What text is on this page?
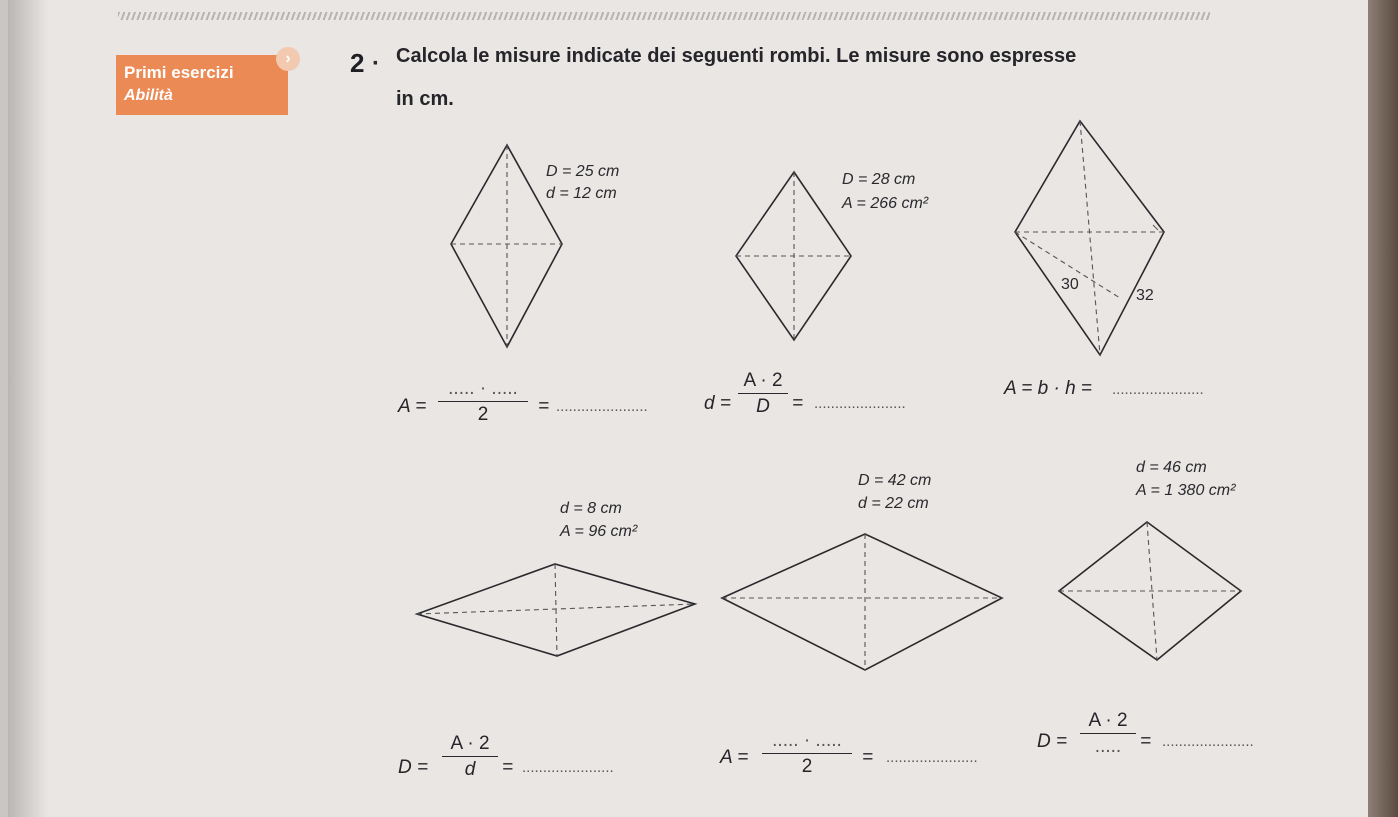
Primi esercizi
Abilità
›	2 · Calcola le misure indicate dei seguenti rombi. Le misure sono espresse
in cm.
D = 25 cm
d = 12 cm
D = 28 cm
A = 266 cm²
30
32
d = 8 cm
A = 96 cm²
D = 42 cm
d = 22 cm
d = 46 cm
A = 1 380 cm²
A =
..... · .....
2	= ......................	d =
A · 2
D	= ......................
A = b · h = ......................
D =
A · 2
d	= ......................	A =
..... · .....
2	= ......................
D =
A · 2
..... = ......................
